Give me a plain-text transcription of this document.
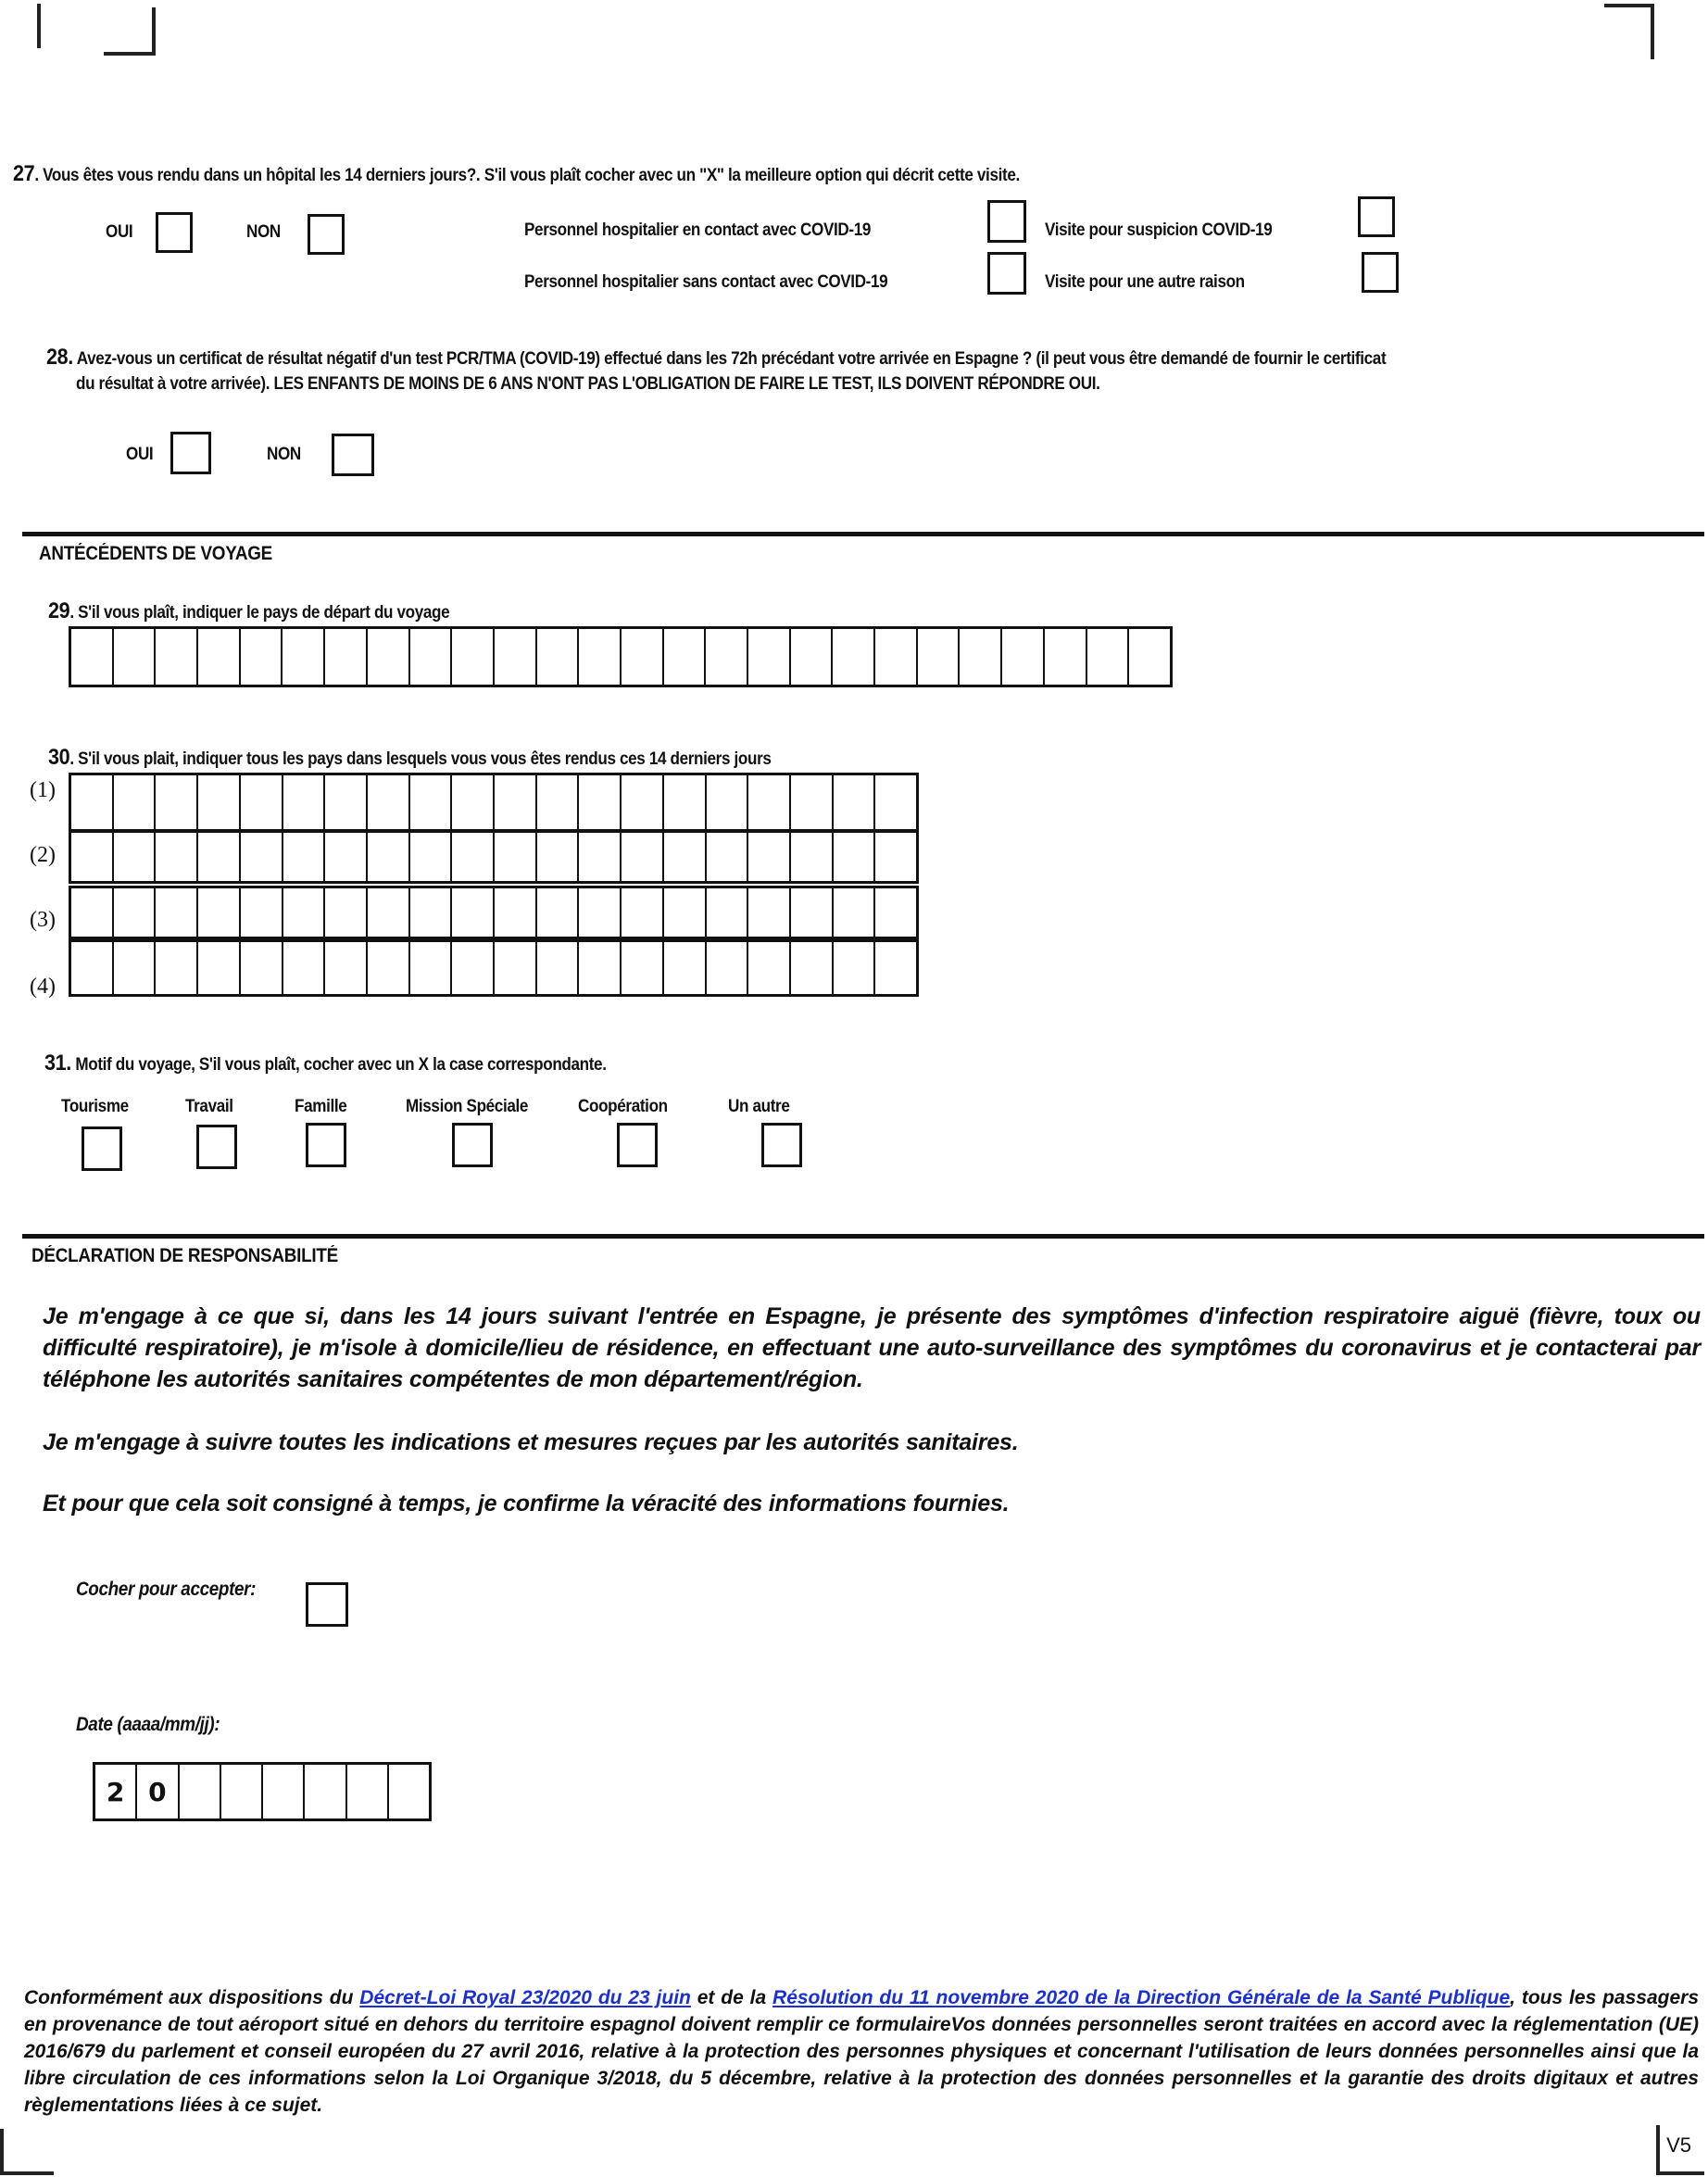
27. Vous êtes vous rendu dans un hôpital les 14 derniers jours?. S'il vous plaît cocher avec un "X" la meilleure option qui décrit cette visite.
OUI	NON	Personnel hospitalier en contact avec COVID-19	Visite pour suspicion COVID-19
Personnel hospitalier sans contact avec COVID-19	Visite pour une autre raison
28. Avez-vous un certificat de résultat négatif d'un test PCR/TMA (COVID-19) effectué dans les 72h précédant votre arrivée en Espagne ? (il peut vous être demandé de fournir le certificat
du résultat à votre arrivée). LES ENFANTS DE MOINS DE 6 ANS N'ONT PAS L'OBLIGATION DE FAIRE LE TEST, ILS DOIVENT RÉPONDRE OUI.
OUI	NON
ANTÉCÉDENTS DE VOYAGE
29. S'il vous plaît, indiquer le pays de départ du voyage
30. S'il vous plait, indiquer tous les pays dans lesquels vous vous êtes rendus ces 14 derniers jours
(1)
(2)
(3)
(4)
31. Motif du voyage, S'il vous plaît, cocher avec un X la case correspondante.
Tourisme	Travail	Famille	Mission Spéciale	Coopération	Un autre
DÉCLARATION DE RESPONSABILITÉ
Je m'engage à ce que si, dans les 14 jours suivant l'entrée en Espagne, je présente des symptômes d'infection respiratoire aiguë (fièvre, toux ou difficulté respiratoire), je m'isole à domicile/lieu de résidence, en effectuant une auto-surveillance des symptômes du coronavirus et je contacterai par téléphone les autorités sanitaires compétentes de mon département/région.
Je m'engage à suivre toutes les indications et mesures reçues par les autorités sanitaires.
Et pour que cela soit consigné à temps, je confirme la véracité des informations fournies.
Cocher pour accepter:
Date (aaaa/mm/jj):
2 0
Conformément aux dispositions du Décret-Loi Royal 23/2020 du 23 juin et de la Résolution du 11 novembre 2020 de la Direction Générale de la Santé Publique, tous les passagers en provenance de tout aéroport situé en dehors du territoire espagnol doivent remplir ce formulaireVos données personnelles seront traitées en accord avec la réglementation (UE) 2016/679 du parlement et conseil européen du 27 avril 2016, relative à la protection des personnes physiques et concernant l'utilisation de leurs données personnelles ainsi que la libre circulation de ces informations selon la Loi Organique 3/2018, du 5 décembre, relative à la protection des données personnelles et la garantie des droits digitaux et autres règlementations liées à ce sujet.
V5
